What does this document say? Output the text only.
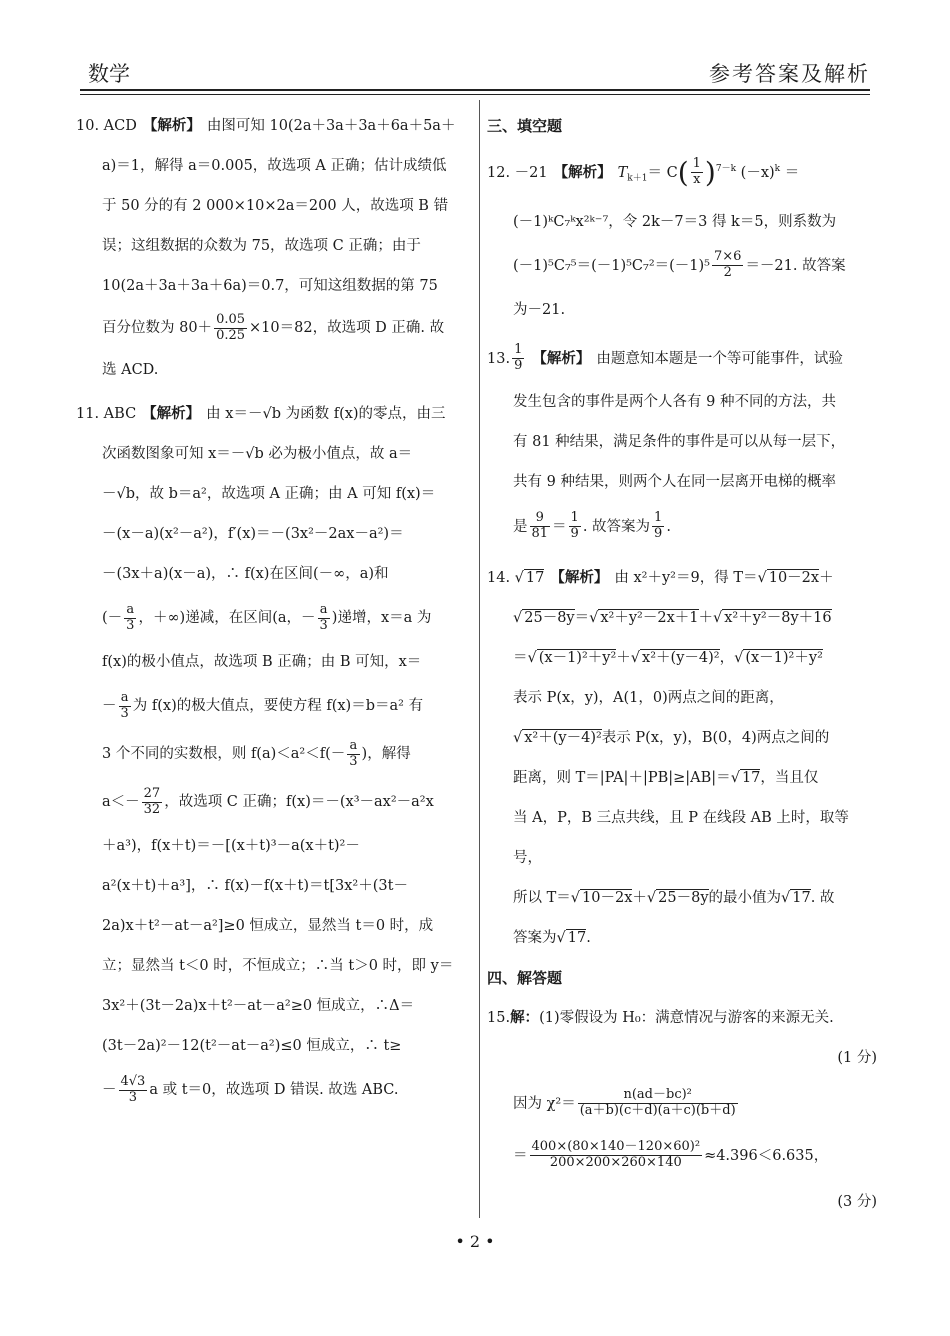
数学	参考答案及解析

10. ACD 【解析】 由图可知 10(2a＋3a＋3a＋6a＋5a＋

a)＝1，解得 a＝0.005，故选项 A 正确；估计成绩低

于 50 分的有 2 000×10×2a＝200 人，故选项 B 错

误；这组数据的众数为 75，故选项 C 正确；由于

10(2a＋3a＋3a＋6a)＝0.7，可知这组数据的第 75

百分位数为 $80+ \frac{0.05}{0.25} \times 10=82$，故选项 D 正确. 故

选 ACD.

11. ABC 【解析】 由 x＝－√b 为函数 f(x)的零点，由三

次函数图象可知 x＝－√b 必为极小值点，故 a＝

－√b，故 b＝a²，故选项 A 正确；由 A 可知 f(x)＝

－(x－a)(x²－a²)，f′(x)＝－(3x²－2ax－a²)＝

－(3x＋a)(x－a)，∴ f(x)在区间(－∞，a)和

(－ $\frac{a}{3}$ ，＋∞)递减，在区间(a，－ $\frac{a}{3}$ )递增，x＝a 为

f(x)的极小值点，故选项 B 正确；由 B 可知，x＝

－ $\frac{a}{3}$ 为 f(x)的极大值点，要使方程 f(x)＝b＝a² 有

3 个不同的实数根，则 $f(a)<a^2<f(- \frac{a}{3}$ )，解得

$a<- \frac{27}{32}$ ，故选项 C 正确；f(x)＝－(x³－ax²－a²x

＋a³)，f(x＋t)＝－[(x＋t)³－a(x＋t)²－

a²(x＋t)＋a³]，∴ f(x)－f(x＋t)＝t[3x²＋(3t－

2a)x＋t²－at－a²]≥0 恒成立，显然当 t＝0 时，成

立；显然当 t＜0 时，不恒成立；∴当 t＞0 时，即 y＝

3x²＋(3t－2a)x＋t²－at－a²≥0 恒成立，∴Δ＝

(3t－2a)²－12(t²－at－a²)≤0 恒成立，∴ t≥

－ $\frac{4√3}{3}$ a 或 t＝0，故选项 D 错误. 故选 ABC.

三、填空题

12. －21 【解析】 $T_{k+1}= C( \frac{1}{x} )^{7-k}$ $(-x)^k$ ＝

(－1)ᵏC₇ᵏx²ᵏ⁻⁷，令 2k－7＝3 得 k＝5，则系数为

$(-1)^5C_7^5=(-1)^5C_7^2=(-1)^5 \frac{7\times 6}{2} =-21$. 故答案

为－21.

13. $\frac{1}{9}$ 【解析】 由题意知本题是一个等可能事件，试验

发生包含的事件是两个人各有 9 种不同的方法，共

有 81 种结果，满足条件的事件是可以从每一层下，

共有 9 种结果，则两个人在同一层离开电梯的概率

是 $\frac{9}{81} = \frac{1}{9}$ . 故答案为 $\frac{1}{9}$ .

14. √ 17 【解析】 由 x²＋y²＝9，得 T＝√ 10－2x＋

√ 25－8y＝√ x²＋y²－2x＋1＋√ x²＋y²－8y＋16

＝√ (x－1)²＋y²＋√ x²＋(y－4)²，√ (x－1)²＋y²

表示 P(x，y)，A(1，0)两点之间的距离，

√ x²＋(y－4)²表示 P(x，y)，B(0，4)两点之间的

距离，则 T＝|PA|＋|PB|≥|AB|＝√ 17，当且仅

当 A，P，B 三点共线，且 P 在线段 AB 上时，取等号，

所以 T＝√ 10－2x＋√ 25－8y的最小值为√ 17. 故

答案为√ 17.

四、解答题

15.解：(1)零假设为 H₀：满意情况与游客的来源无关.

(1 分)

因为 $\chi^2= \frac{\text{n(ad－bc)²}}{(a+b)(c+d)(a+c)(b+d)}$

＝ $\frac{\text{400×(80×140－120×60)²}}{200\times 200\times 260\times 140} \approx 4.396<6.635$，

(3 分)

• 2 •
